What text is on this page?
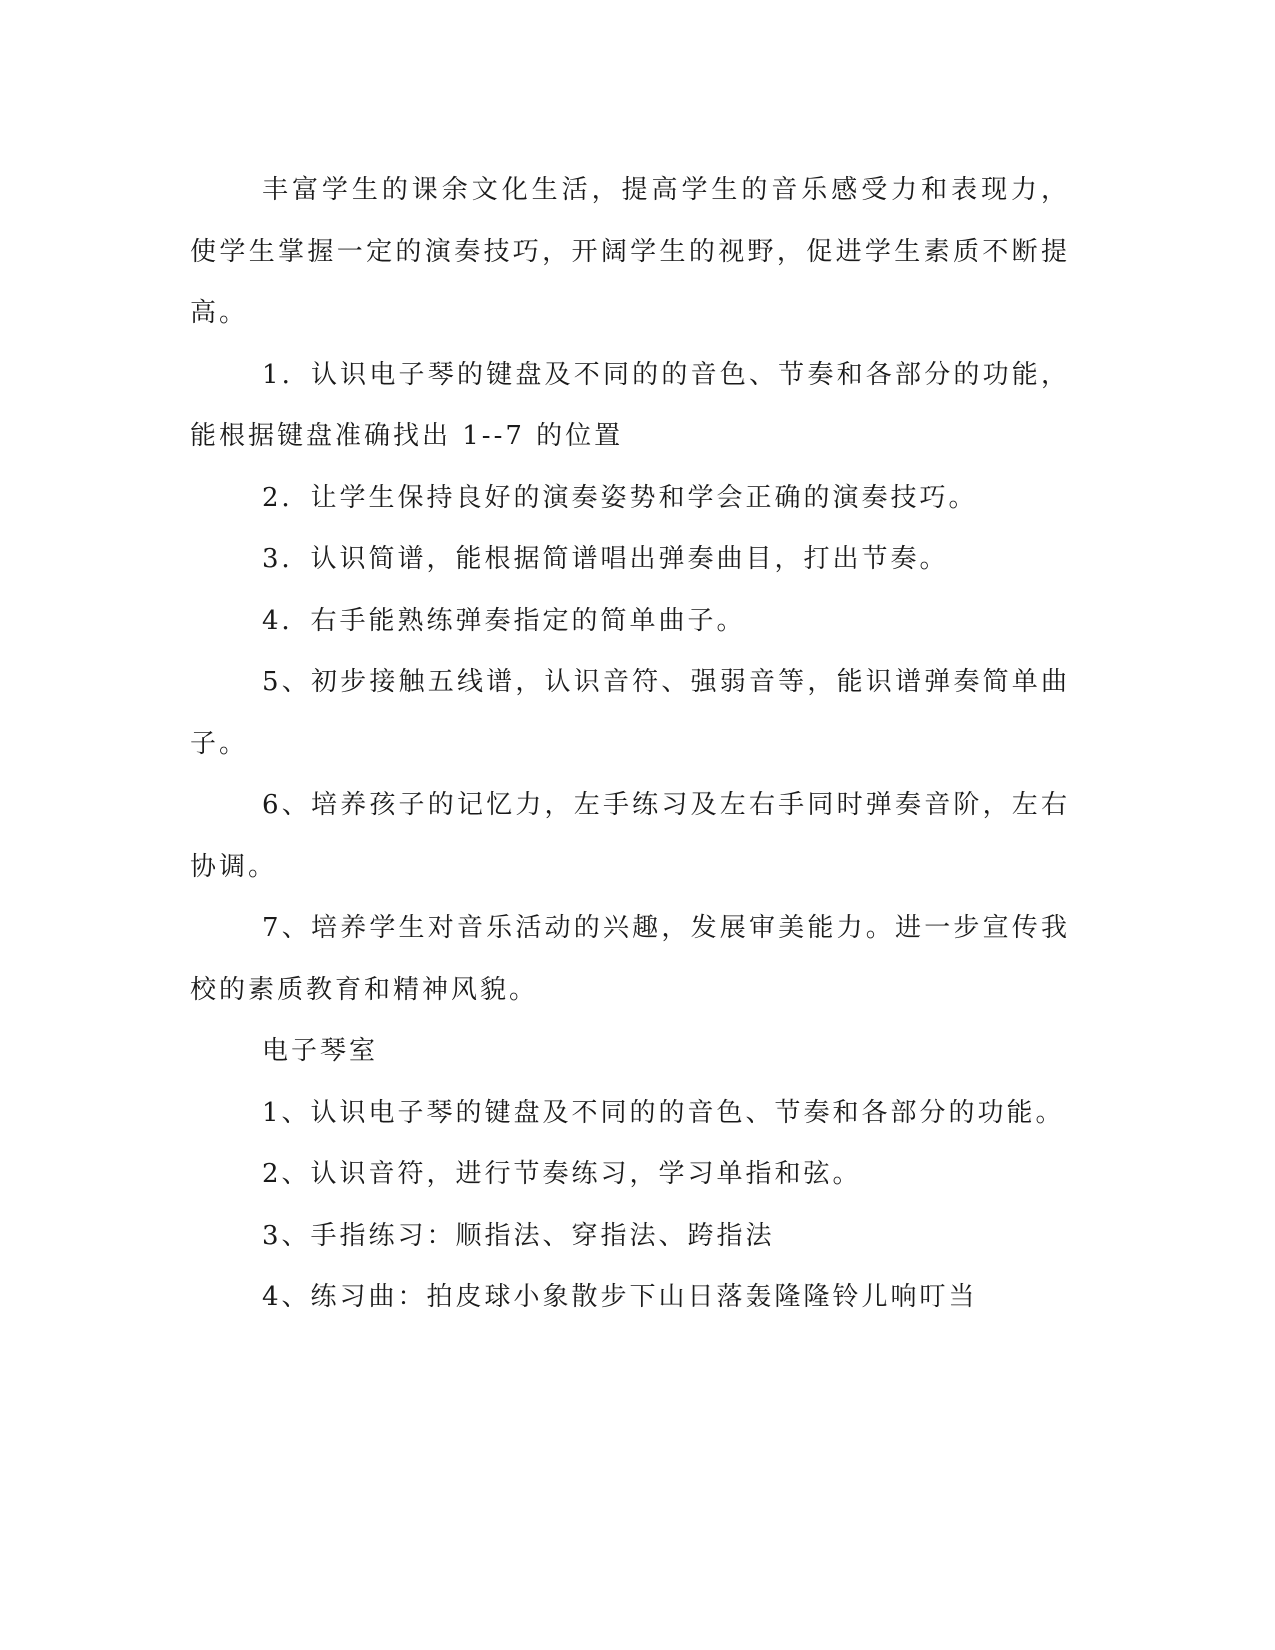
丰富学生的课余文化生活，提高学生的音乐感受力和表现力，使学生掌握一定的演奏技巧，开阔学生的视野，促进学生素质不断提高。

1．认识电子琴的键盘及不同的的音色、节奏和各部分的功能，能根据键盘准确找出 1--7 的位置

2．让学生保持良好的演奏姿势和学会正确的演奏技巧。

3．认识简谱，能根据简谱唱出弹奏曲目，打出节奏。

4．右手能熟练弹奏指定的简单曲子。

5、初步接触五线谱，认识音符、强弱音等，能识谱弹奏简单曲子。

6、培养孩子的记忆力，左手练习及左右手同时弹奏音阶，左右协调。

7、培养学生对音乐活动的兴趣，发展审美能力。进一步宣传我校的素质教育和精神风貌。

电子琴室

1、认识电子琴的键盘及不同的的音色、节奏和各部分的功能。

2、认识音符，进行节奏练习，学习单指和弦。

3、手指练习：顺指法、穿指法、跨指法

4、练习曲：拍皮球小象散步下山日落轰隆隆铃儿响叮当
